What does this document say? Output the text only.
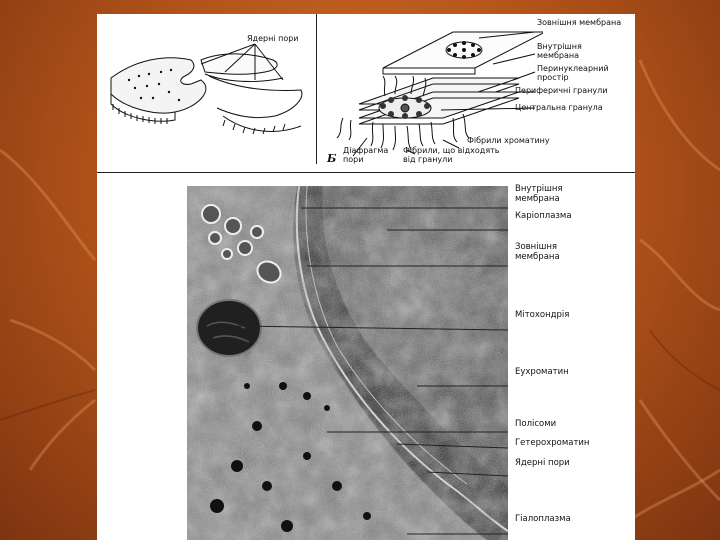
Ядерні пори
Зовнішня мембрана
Внутрішня мембрана
Перинуклеарний простір
Периферичні гранули
Центральна гранула
Фібрили хроматину
Фібрили, що відходять від гранули
Діафрагма пори
Б
Внутрішня мембрана
Каріоплазма
Зовнішня мембрана
Мітохондрія
Еухроматин
Полісоми
Гетерохроматин
Ядерні пори
Гіалоплазма
